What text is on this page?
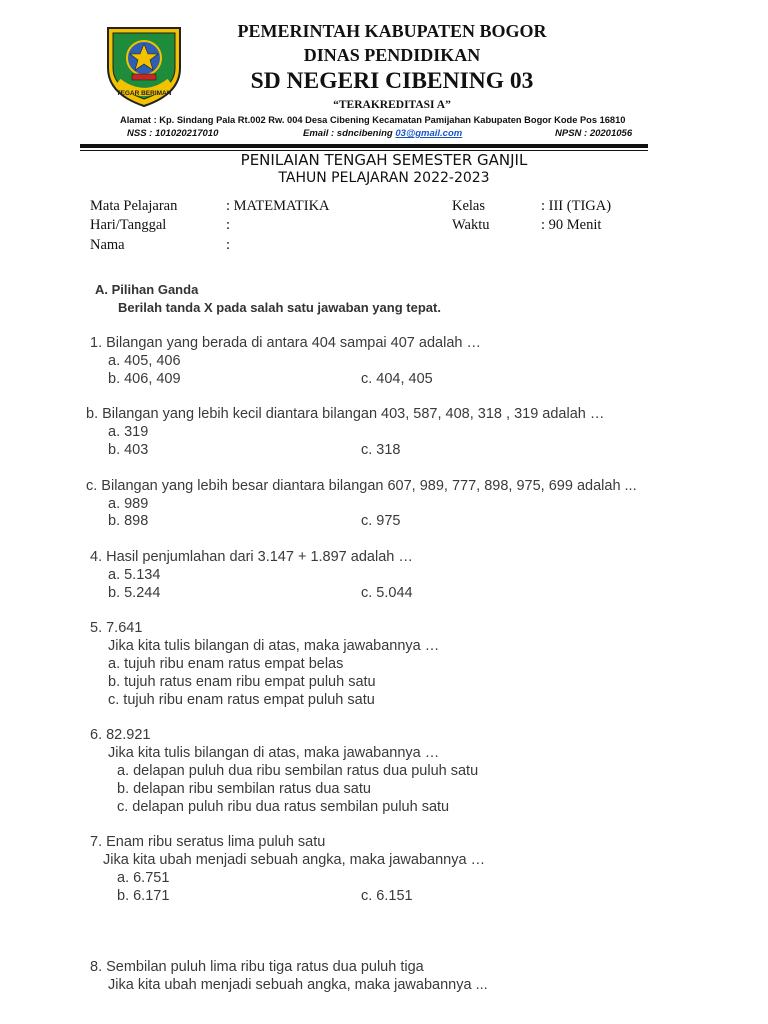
TEGAR BERIMAN
PEMERINTAH KABUPATEN BOGOR
DINAS PENDIDIKAN
SD NEGERI CIBENING 03
“TERAKREDITASI A”
Alamat : Kp. Sindang Pala Rt.002 Rw. 004 Desa Cibening Kecamatan Pamijahan Kabupaten Bogor Kode Pos 16810
NSS : 101020217010	Email : sdncibening 03@gmail.com	NPSN : 20201056
PENILAIAN TENGAH SEMESTER GANJIL
TAHUN PELAJARAN 2022-2023
Mata Pelajaran	: MATEMATIKA
Hari/Tanggal	:
Nama	:
Kelas	: III (TIGA)
Waktu	: 90 Menit
A. Pilihan Ganda
Berilah tanda X pada salah satu jawaban yang tepat.
1. Bilangan yang berada di antara 404 sampai 407 adalah …
a. 405, 406
b. 406, 409	c. 404, 405
b. Bilangan yang lebih kecil diantara bilangan 403, 587, 408, 318 , 319 adalah …
a. 319
b. 403	c. 318
c. Bilangan yang lebih besar diantara bilangan 607, 989, 777, 898, 975, 699 adalah ...
a. 989
b. 898	c. 975
4. Hasil penjumlahan dari 3.147 + 1.897 adalah …
a. 5.134
b. 5.244	c. 5.044
5. 7.641
Jika kita tulis bilangan di atas, maka jawabannya …
a. tujuh ribu enam ratus empat belas
b. tujuh ratus enam ribu empat puluh satu
c. tujuh ribu enam ratus empat puluh satu
6. 82.921
Jika kita tulis bilangan di atas, maka jawabannya …
a. delapan puluh dua ribu sembilan ratus dua puluh satu
b. delapan ribu sembilan ratus dua satu
c. delapan puluh ribu dua ratus sembilan puluh satu
7. Enam ribu seratus lima puluh satu
Jika kita ubah menjadi sebuah angka, maka jawabannya …
a. 6.751
b. 6.171	c. 6.151
8. Sembilan puluh lima ribu tiga ratus dua puluh tiga
Jika kita ubah menjadi sebuah angka, maka jawabannya ...
